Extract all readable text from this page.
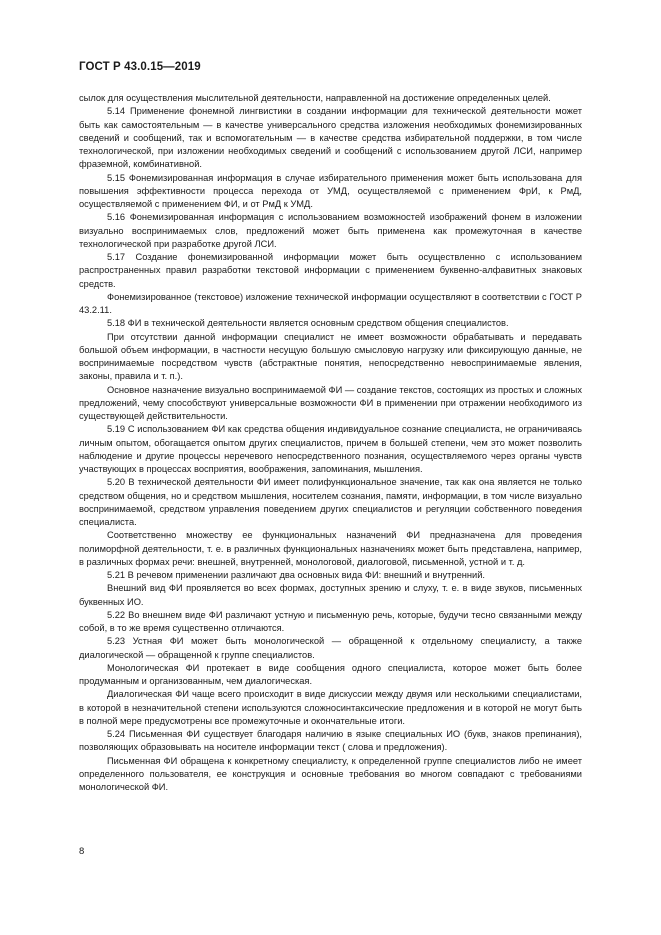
ГОСТ Р 43.0.15—2019

сылок для осуществления мыслительной деятельности, направленной на достижение определенных целей.

5.14 Применение фонемной лингвистики в создании информации для технической деятельности может быть как самостоятельным — в качестве универсального средства изложения необходимых фонемизированных сведений и сообщений, так и вспомогательным — в качестве средства избирательной поддержки, в том числе технологической, при изложении необходимых сведений и сообщений с использованием другой ЛСИ, например фраземной, комбинативной.

5.15 Фонемизированная информация в случае избирательного применения может быть использована для повышения эффективности процесса перехода от УМД, осуществляемой с применением ФрИ, к РмД, осуществляемой с применением ФИ, и от РмД к УМД.

5.16 Фонемизированная информация с использованием возможностей изображений фонем в изложении визуально воспринимаемых слов, предложений может быть применена как промежуточная в качестве технологической при разработке другой ЛСИ.

5.17 Создание фонемизированной информации может быть осуществленно с использованием распространенных правил разработки текстовой информации с применением буквенно-алфавитных знаковых средств.

Фонемизированное (текстовое) изложение технической информации осуществляют в соответствии с ГОСТ Р 43.2.11.

5.18 ФИ в технической деятельности является основным средством общения специалистов.

При отсутствии данной информации специалист не имеет возможности обрабатывать и передавать большой объем информации, в частности несущую большую смысловую нагрузку или фиксирующую данные, не воспринимаемые посредством чувств (абстрактные понятия, непосредственно невоспринимаемые явления, законы, правила и т. п.).

Основное назначение визуально воспринимаемой ФИ — создание текстов, состоящих из простых и сложных предложений, чему способствуют универсальные возможности ФИ в применении при отражении необходимого из существующей действительности.

5.19 С использованием ФИ как средства общения индивидуальное сознание специалиста, не ограничиваясь личным опытом, обогащается опытом других специалистов, причем в большей степени, чем это может позволить наблюдение и другие процессы неречевого непосредственного познания, осуществляемого через органы чувств участвующих в процессах восприятия, воображения, запоминания, мышления.

5.20 В технической деятельности ФИ имеет полифункциональное значение, так как она является не только средством общения, но и средством мышления, носителем сознания, памяти, информации, в том числе визуально воспринимаемой, средством управления поведением других специалистов и регуляции собственного поведения специалиста.

Соответственно множеству ее функциональных назначений ФИ предназначена для проведения полиморфной деятельности, т. е. в различных функциональных назначениях может быть представлена, например, в различных формах речи: внешней, внутренней, монологовой, диалоговой, письменной, устной и т. д.

5.21 В речевом применении различают два основных вида ФИ: внешний и внутренний.

Внешний вид ФИ проявляется во всех формах, доступных зрению и слуху, т. е. в виде звуков, письменных буквенных ИО.

5.22 Во внешнем виде ФИ различают устную и письменную речь, которые, будучи тесно связанными между собой, в то же время существенно отличаются.

5.23 Устная ФИ может быть монологической — обращенной к отдельному специалисту, а также диалогической — обращенной к группе специалистов.

Монологическая ФИ протекает в виде сообщения одного специалиста, которое может быть более продуманным и организованным, чем диалогическая.

Диалогическая ФИ чаще всего происходит в виде дискуссии между двумя или несколькими специалистами, в которой в незначительной степени используются сложносинтаксические предложения и в которой не могут быть в полной мере предусмотрены все промежуточные и окончательные итоги.

5.24 Письменная ФИ существует благодаря наличию в языке специальных ИО (букв, знаков препинания), позволяющих образовывать на носителе информации текст ( слова и предложения).

Письменная ФИ обращена к конкретному специалисту, к определенной группе специалистов либо не имеет определенного пользователя, ее конструкция и основные требования во многом совпадают с требованиями монологической ФИ.

8
